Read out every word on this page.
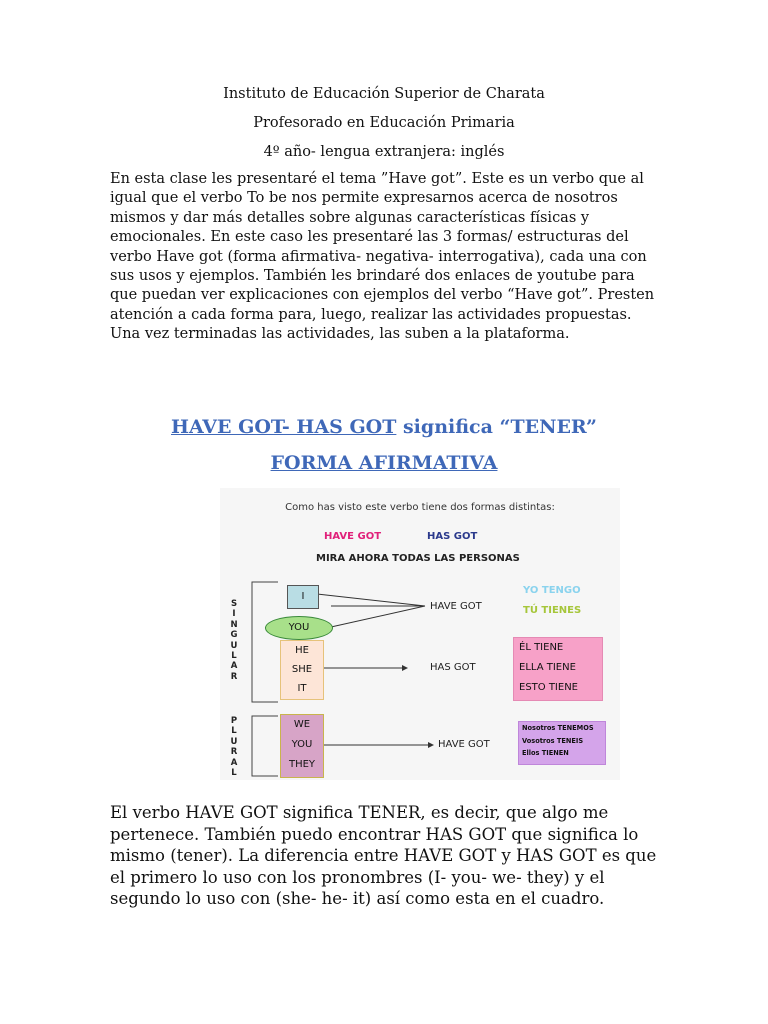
Instituto de Educación Superior de Charata
Profesorado en Educación Primaria
4º año- lengua extranjera: inglés

En esta clase les presentaré el tema ”Have got”. Este es un verbo que al igual que el verbo To be nos permite expresarnos acerca de nosotros mismos y dar más detalles sobre algunas características físicas y emocionales. En este caso les presentaré las 3 formas/ estructuras del verbo Have got (forma afirmativa- negativa- interrogativa), cada una con sus usos y ejemplos. También les brindaré dos enlaces de youtube para que puedan ver explicaciones con ejemplos del verbo “Have got”. Presten atención a cada forma para, luego, realizar las actividades propuestas. Una vez terminadas las actividades, las suben a la plataforma.

HAVE GOT- HAS GOT significa “TENER”
FORMA AFIRMATIVA
Como has visto este verbo tiene dos formas distintas:
HAVE GOT	HAS GOT
MIRA AHORA TODAS LAS PERSONAS
S
I
N
G
U
L
A
R
P
L
U
R
A
L
I
YOU
HE
SHE
IT
WE
YOU
THEY
HAVE GOT
HAS GOT
HAVE GOT
YO TENGO
TÚ TIENES
ÉL TIENE
ELLA TIENE
ESTO TIENE
Nosotros TENEMOS
Vosotros TENEIS
Ellos TIENEN

El verbo HAVE GOT significa TENER, es decir, que algo me pertenece. También puedo encontrar HAS GOT que significa lo mismo (tener). La diferencia entre HAVE GOT y HAS GOT es que el primero lo uso con los pronombres (I- you- we- they) y el segundo lo uso con (she- he- it) así como esta en el cuadro.
